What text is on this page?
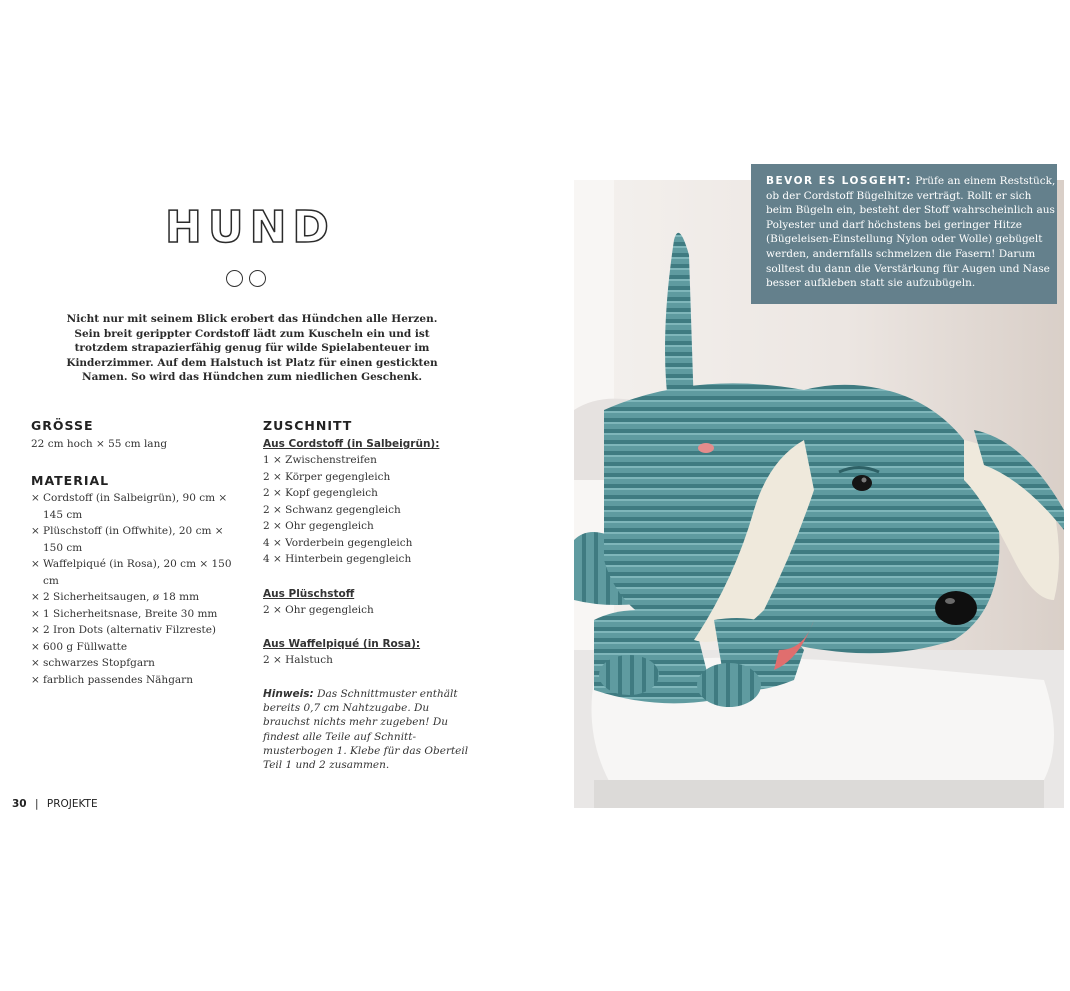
HUND
Nicht nur mit seinem Blick erobert das Hündchen alle Herzen. Sein breit gerippter Cordstoff lädt zum Kuscheln ein und ist trotzdem strapazierfähig genug für wilde Spielabenteuer im Kinderzimmer. Auf dem Halstuch ist Platz für einen gestickten Namen. So wird das Hündchen zum niedlichen Geschenk.
GRÖSSE
22 cm hoch × 55 cm lang
MATERIAL
× Cordstoff (in Salbeigrün), 90 cm × 145 cm
× Plüschstoff (in Offwhite), 20 cm × 150 cm
× Waffelpiqué (in Rosa), 20 cm × 150 cm
× 2 Sicherheitsaugen, ø 18 mm
× 1 Sicherheitsnase, Breite 30 mm
× 2 Iron Dots (alternativ Filzreste)
× 600 g Füllwatte
× schwarzes Stopfgarn
× farblich passendes Nähgarn
ZUSCHNITT
Aus Cordstoff (in Salbeigrün):
1 × Zwischenstreifen
2 × Körper gegengleich
2 × Kopf gegengleich
2 × Schwanz gegengleich
2 × Ohr gegengleich
4 × Vorderbein gegengleich
4 × Hinterbein gegengleich
Aus Plüschstoff
2 × Ohr gegengleich
Aus Waffelpiqué (in Rosa):
2 × Halstuch
Hinweis: Das Schnittmuster enthält bereits 0,7 cm Nahtzugabe. Du brauchst nichts mehr zugeben! Du findest alle Teile auf Schnitt-musterbogen 1. Klebe für das Oberteil Teil 1 und 2 zusammen.
30 | PROJEKTE
BEVOR ES LOSGEHT: Prüfe an einem Reststück, ob der Cordstoff Bügelhitze verträgt. Rollt er sich beim Bügeln ein, besteht der Stoff wahrscheinlich aus Polyester und darf höchstens bei geringer Hitze (Bügeleisen-Einstellung Nylon oder Wolle) gebügelt werden, andernfalls schmelzen die Fasern! Darum solltest du dann die Verstärkung für Augen und Nase besser aufkleben statt sie aufzubügeln.
